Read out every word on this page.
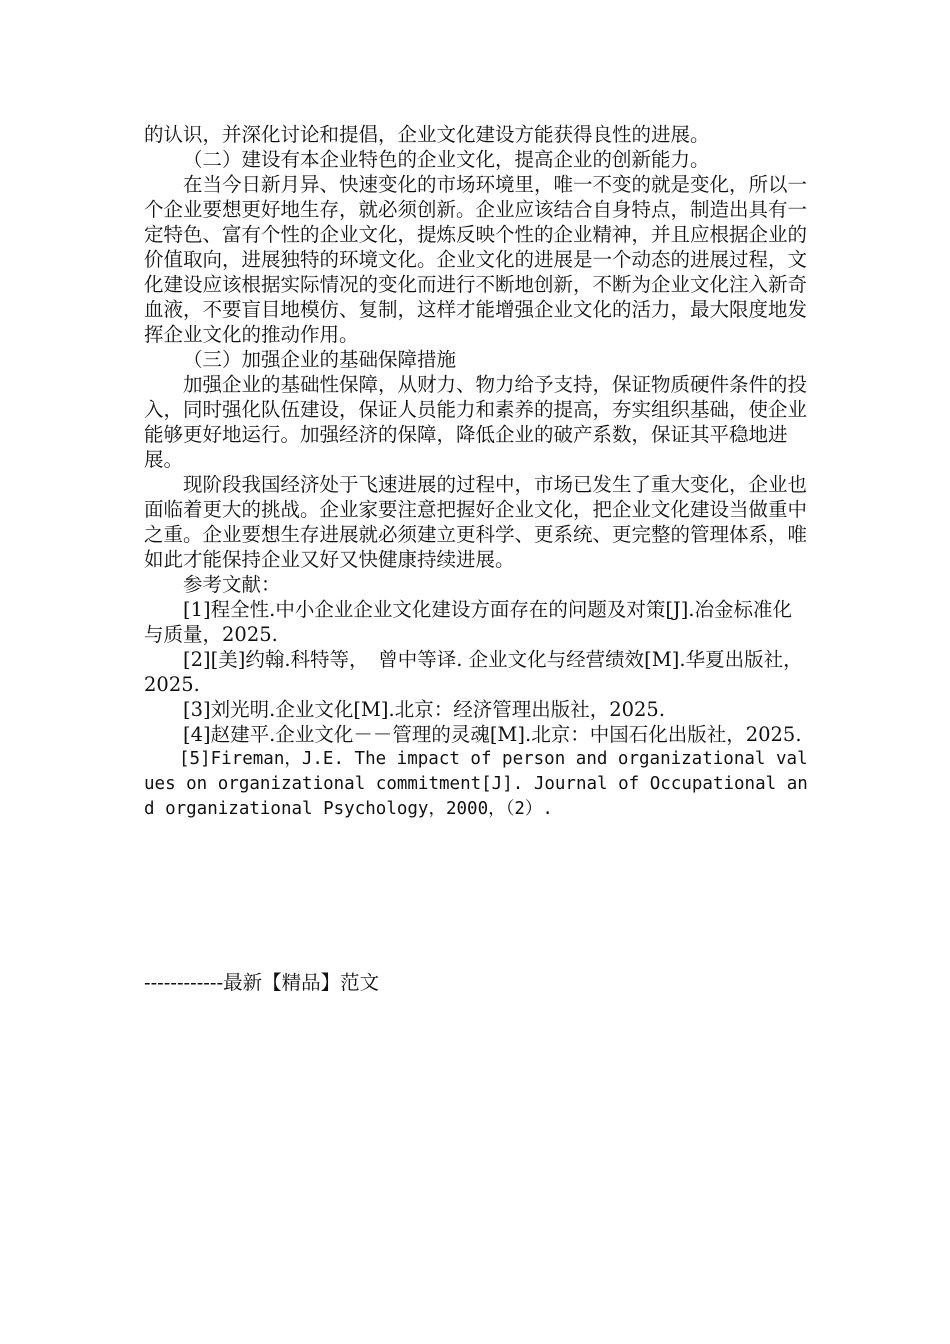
的认识，并深化讨论和提倡，企业文化建设方能获得良性的进展。

（二）建设有本企业特色的企业文化，提高企业的创新能力。

在当今日新月异、快速变化的市场环境里，唯一不变的就是变化，所以一个企业要想更好地生存，就必须创新。企业应该结合自身特点，制造出具有一定特色、富有个性的企业文化，提炼反映个性的企业精神，并且应根据企业的价值取向，进展独特的环境文化。企业文化的进展是一个动态的进展过程，文化建设应该根据实际情况的变化而进行不断地创新，不断为企业文化注入新奇血液，不要盲目地模仿、复制，这样才能增强企业文化的活力，最大限度地发挥企业文化的推动作用。

（三）加强企业的基础保障措施

加强企业的基础性保障，从财力、物力给予支持，保证物质硬件条件的投入，同时强化队伍建设，保证人员能力和素养的提高，夯实组织基础，使企业能够更好地运行。加强经济的保障，降低企业的破产系数，保证其平稳地进展。

现阶段我国经济处于飞速进展的过程中，市场已发生了重大变化，企业也面临着更大的挑战。企业家要注意把握好企业文化，把企业文化建设当做重中之重。企业要想生存进展就必须建立更科学、更系统、更完整的管理体系，唯如此才能保持企业又好又快健康持续进展。

参考文献：

[1]程全性.中小企业企业文化建设方面存在的问题及对策[J].冶金标准化与质量，2025.

[2][美]约翰.科特等，　曾中等译. 企业文化与经营绩效[M].华夏出版社，　2025.

[3]刘光明.企业文化[M].北京：经济管理出版社，2025.

[4]赵建平.企业文化－－管理的灵魂[M].北京：中国石化出版社，2025.

[5]Fireman，J.E. The impact of person and organizational values on organizational commitment[J]. Journal of Occupational and organizational Psychology，2000，（2）.

------------最新【精品】范文
